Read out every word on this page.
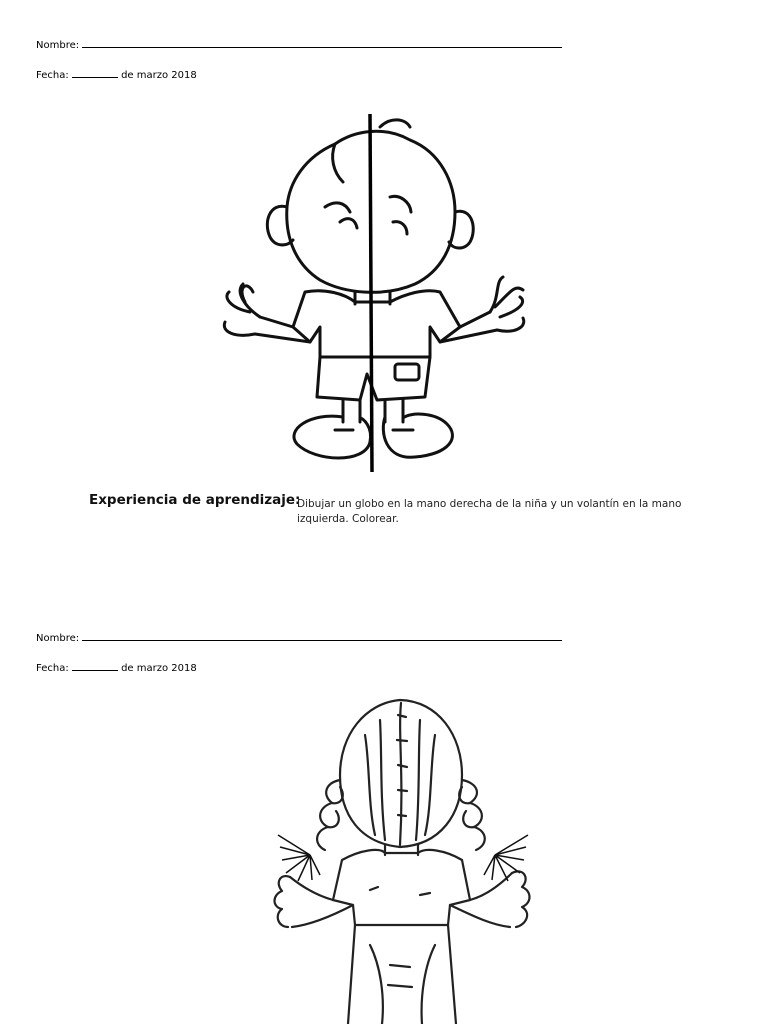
Nombre:
Fecha:	de marzo 2018
Experiencia de aprendizaje:
Dibujar un globo en la mano derecha de la niña y un volantín en la mano izquierda. Colorear.
Nombre:
Fecha:	de marzo 2018
